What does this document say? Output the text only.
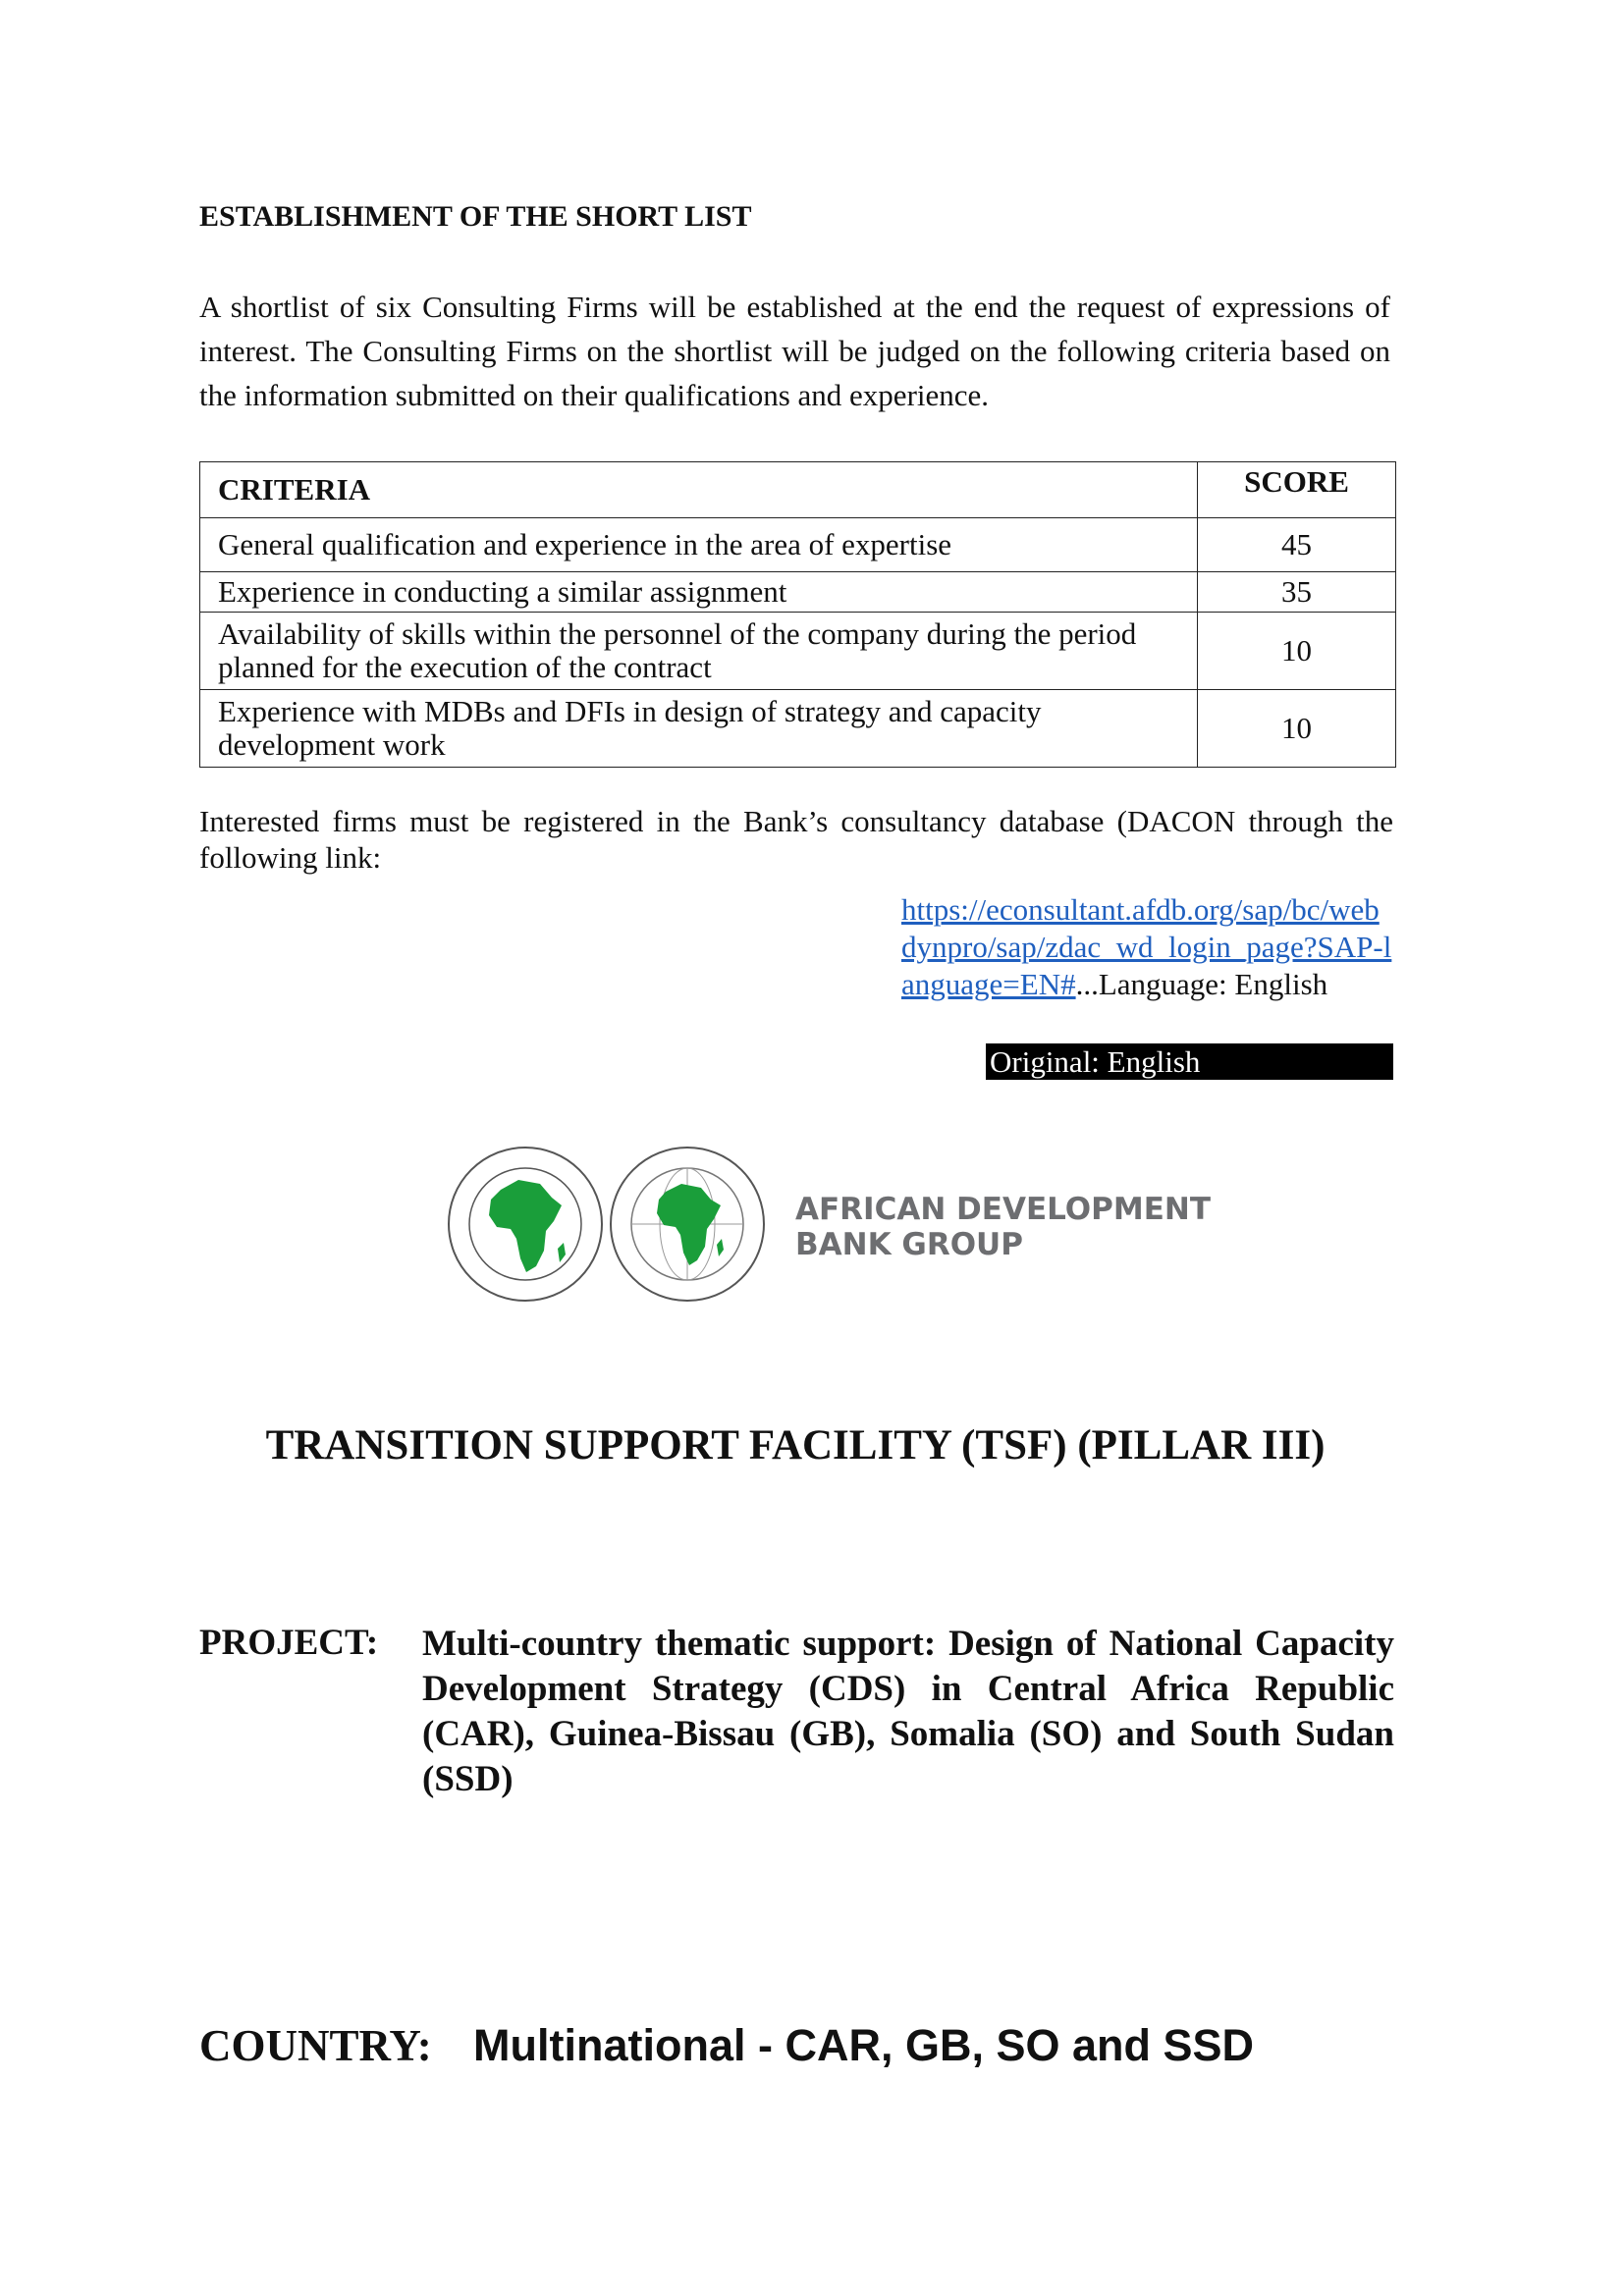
ESTABLISHMENT OF THE SHORT LIST
A shortlist of six Consulting Firms will be established at the end the request of expressions of interest. The Consulting Firms on the shortlist will be judged on the following criteria based on the information submitted on their qualifications and experience.
CRITERIA	SCORE
General qualification and experience in the area of expertise	45
Experience in conducting a similar assignment	35
Availability of skills within the personnel of the company during the period planned for the execution of the contract	10
Experience with MDBs and DFIs in design of strategy and capacity development work	10
Interested firms must be registered in the Bank’s consultancy database (DACON through the following link:
https://econsultant.afdb.org/sap/bc/webdynpro/sap/zdac_wd_login_page?SAP-language=EN#...Language: English
Original: English
AFRICAN DEVELOPMENT
BANK GROUP
TRANSITION SUPPORT FACILITY (TSF) (PILLAR III)
PROJECT: Multi-country thematic support: Design of National Capacity Development Strategy (CDS) in Central Africa Republic (CAR), Guinea-Bissau (GB), Somalia (SO) and South Sudan (SSD)
COUNTRY: Multinational - CAR, GB, SO and SSD
